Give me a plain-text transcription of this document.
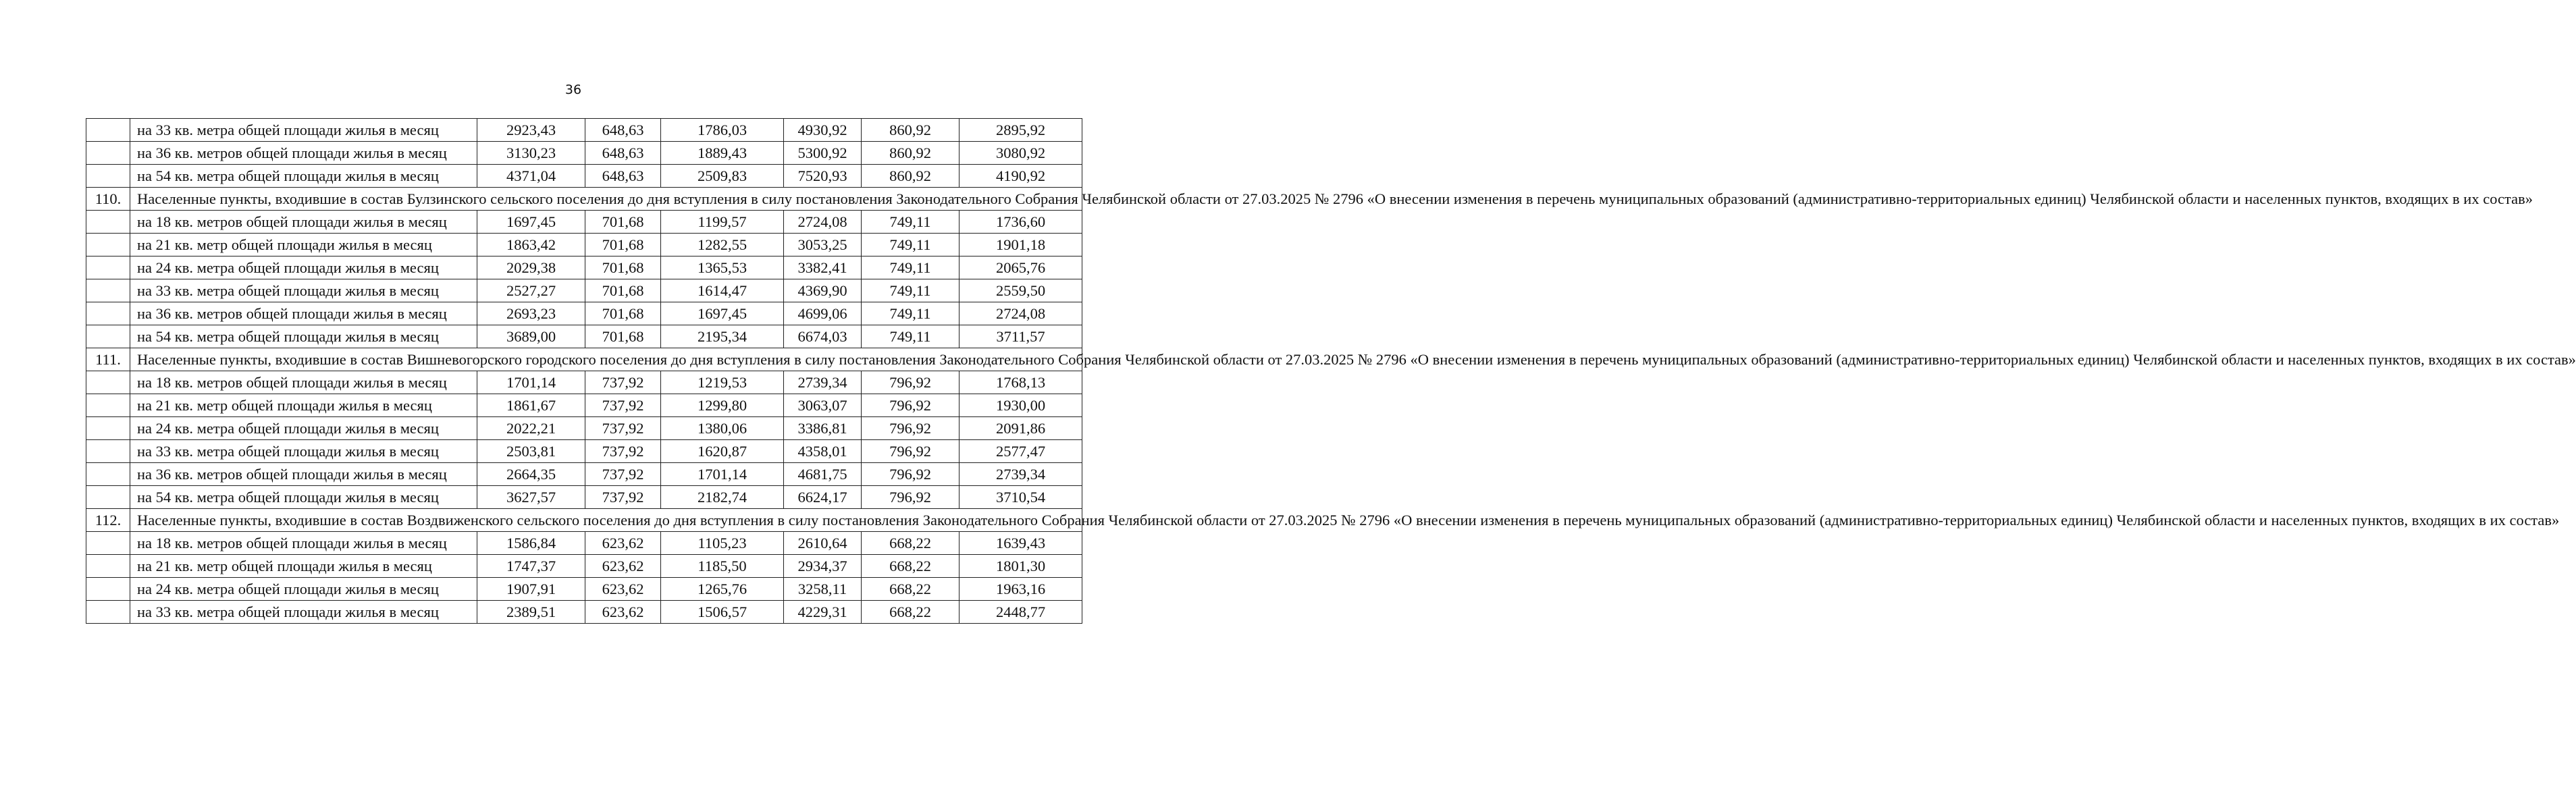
36
	на 33 кв. метра общей площади жилья в месяц	2923,43	648,63	1786,03	4930,92	860,92	2895,92
	на 36 кв. метров общей площади жилья в месяц	3130,23	648,63	1889,43	5300,92	860,92	3080,92
	на 54 кв. метра общей площади жилья в месяц	4371,04	648,63	2509,83	7520,93	860,92	4190,92
110.	Населенные пункты, входившие в состав Булзинского сельского поселения до дня вступления в силу постановления Законодательного Собрания Челябинской области от 27.03.2025 № 2796 «О внесении изменения в перечень муниципальных образований (административно-территориальных единиц) Челябинской области и населенных пунктов, входящих в их состав»						
	на 18 кв. метров общей площади жилья в месяц	1697,45	701,68	1199,57	2724,08	749,11	1736,60
	на 21 кв. метр общей площади жилья в месяц	1863,42	701,68	1282,55	3053,25	749,11	1901,18
	на 24 кв. метра общей площади жилья в месяц	2029,38	701,68	1365,53	3382,41	749,11	2065,76
	на 33 кв. метра общей площади жилья в месяц	2527,27	701,68	1614,47	4369,90	749,11	2559,50
	на 36 кв. метров общей площади жилья в месяц	2693,23	701,68	1697,45	4699,06	749,11	2724,08
	на 54 кв. метра общей площади жилья в месяц	3689,00	701,68	2195,34	6674,03	749,11	3711,57
111.	Населенные пункты, входившие в состав Вишневогорского городского поселения до дня вступления в силу постановления Законодательного Собрания Челябинской области от 27.03.2025 № 2796 «О внесении изменения в перечень муниципальных образований (административно-территориальных единиц) Челябинской области и населенных пунктов, входящих в их состав»						
	на 18 кв. метров общей площади жилья в месяц	1701,14	737,92	1219,53	2739,34	796,92	1768,13
	на 21 кв. метр общей площади жилья в месяц	1861,67	737,92	1299,80	3063,07	796,92	1930,00
	на 24 кв. метра общей площади жилья в месяц	2022,21	737,92	1380,06	3386,81	796,92	2091,86
	на 33 кв. метра общей площади жилья в месяц	2503,81	737,92	1620,87	4358,01	796,92	2577,47
	на 36 кв. метров общей площади жилья в месяц	2664,35	737,92	1701,14	4681,75	796,92	2739,34
	на 54 кв. метра общей площади жилья в месяц	3627,57	737,92	2182,74	6624,17	796,92	3710,54
112.	Населенные пункты, входившие в состав Воздвиженского сельского поселения до дня вступления в силу постановления Законодательного Собрания Челябинской области от 27.03.2025 № 2796 «О внесении изменения в перечень муниципальных образований (административно-территориальных единиц) Челябинской области и населенных пунктов, входящих в их состав»						
	на 18 кв. метров общей площади жилья в месяц	1586,84	623,62	1105,23	2610,64	668,22	1639,43
	на 21 кв. метр общей площади жилья в месяц	1747,37	623,62	1185,50	2934,37	668,22	1801,30
	на 24 кв. метра общей площади жилья в месяц	1907,91	623,62	1265,76	3258,11	668,22	1963,16
	на 33 кв. метра общей площади жилья в месяц	2389,51	623,62	1506,57	4229,31	668,22	2448,77
